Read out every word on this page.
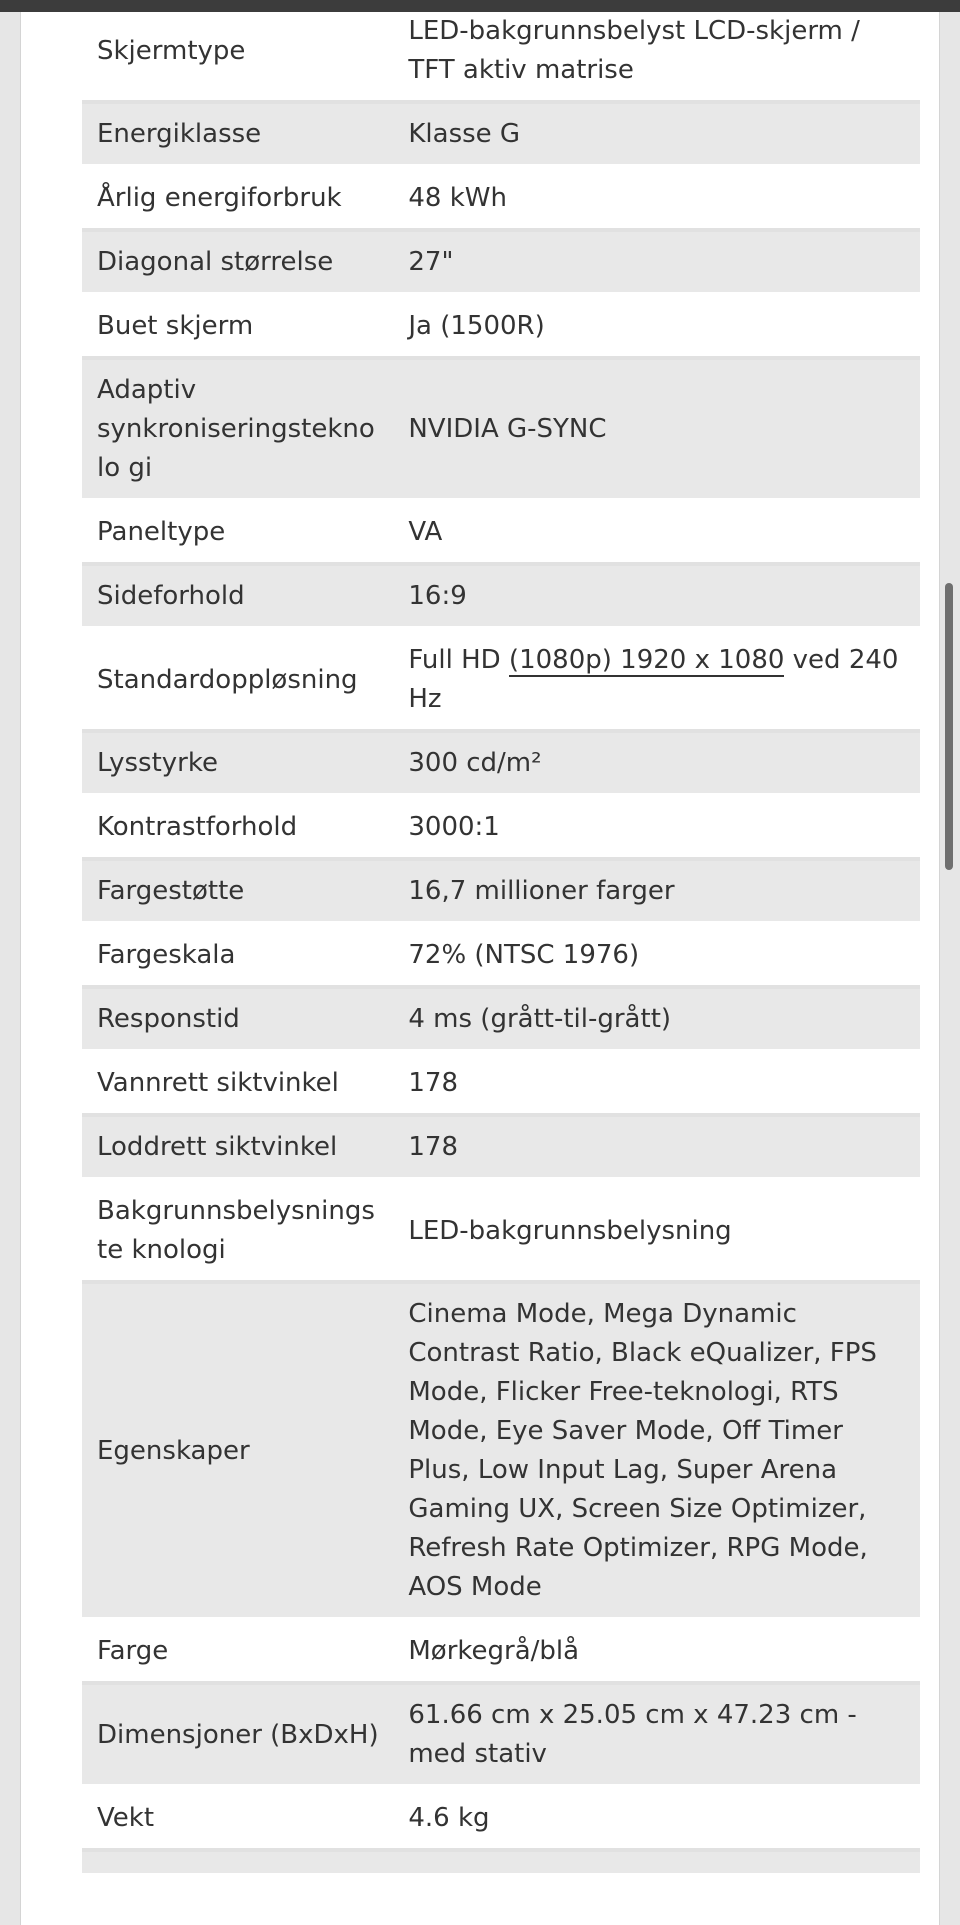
Skjermtype	LED-bakgrunnsbelyst LCD-skjerm / TFT aktiv matrise
Energiklasse	Klasse G
Årlig energiforbruk	48 kWh
Diagonal størrelse	27"
Buet skjerm	Ja (1500R)
Adaptiv synkroniseringsteknolo gi	NVIDIA G-SYNC
Paneltype	VA
Sideforhold	16:9
Standardoppløsning	Full HD (1080p) 1920 x 1080 ved 240 Hz
Lysstyrke	300 cd/m²
Kontrastforhold	3000:1
Fargestøtte	16,7 millioner farger
Fargeskala	72% (NTSC 1976)
Responstid	4 ms (grått-til-grått)
Vannrett siktvinkel	178
Loddrett siktvinkel	178
Bakgrunnsbelysningste knologi	LED-bakgrunnsbelysning
Egenskaper	Cinema Mode, Mega Dynamic Contrast Ratio, Black eQualizer, FPS Mode, Flicker Free-teknologi, RTS Mode, Eye Saver Mode, Off Timer Plus, Low Input Lag, Super Arena Gaming UX, Screen Size Optimizer, Refresh Rate Optimizer, RPG Mode, AOS Mode
Farge	Mørkegrå/blå
Dimensjoner (BxDxH)	61.66 cm x 25.05 cm x 47.23 cm - med stativ
Vekt	4.6 kg
